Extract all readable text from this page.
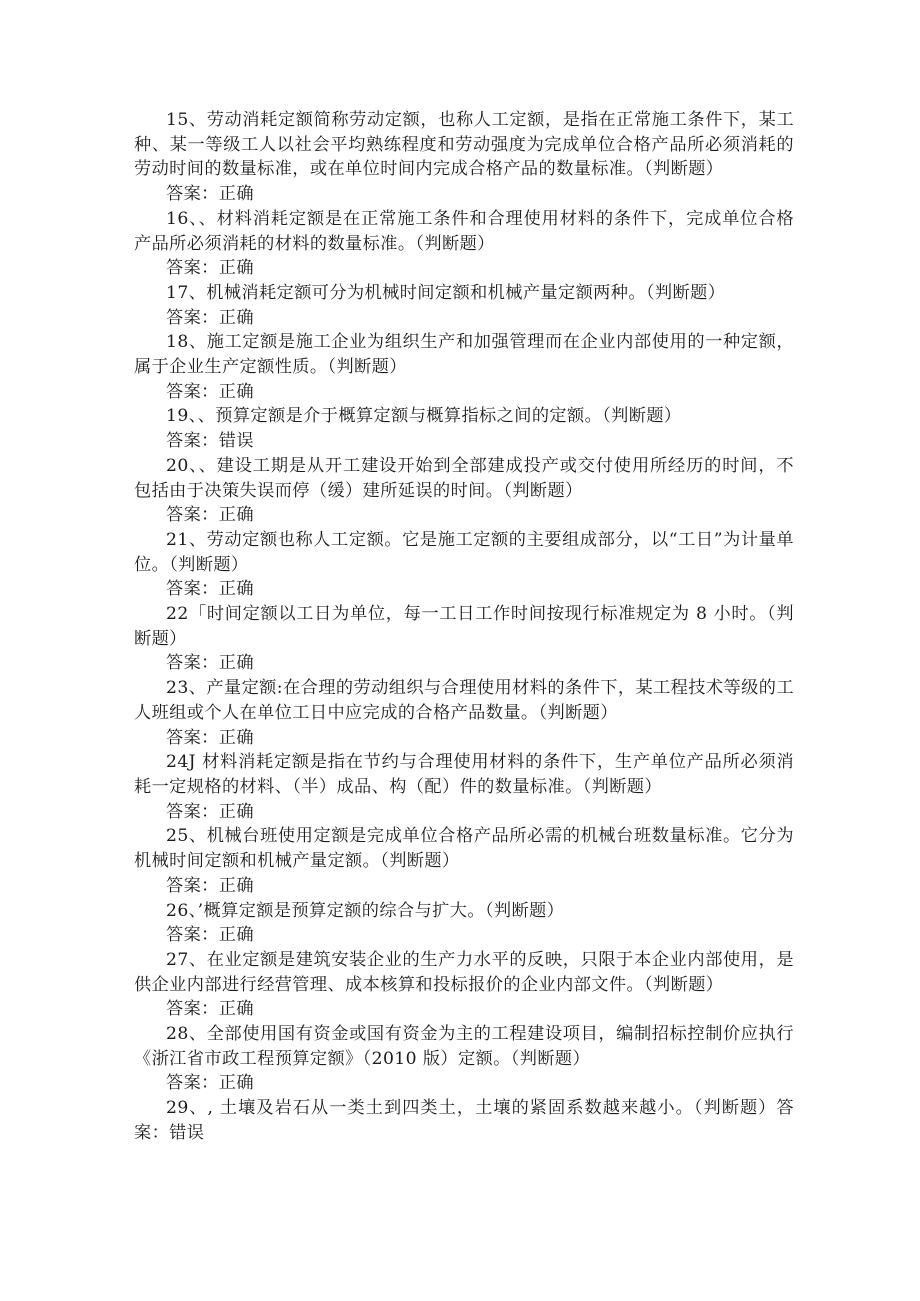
15、劳动消耗定额简称劳动定额，也称人工定额，是指在正常施工条件下，某工种、某一等级工人以社会平均熟练程度和劳动强度为完成单位合格产品所必须消耗的劳动时间的数量标准，或在单位时间内完成合格产品的数量标准。（判断题）

答案：正确

16、、材料消耗定额是在正常施工条件和合理使用材料的条件下，完成单位合格产品所必须消耗的材料的数量标准。（判断题）

答案：正确

17、机械消耗定额可分为机械时间定额和机械产量定额两种。（判断题）

答案：正确

18、施工定额是施工企业为组织生产和加强管理而在企业内部使用的一种定额，属于企业生产定额性质。（判断题）

答案：正确

19、、预算定额是介于概算定额与概算指标之间的定额。（判断题）

答案：错误

20、、建设工期是从开工建设开始到全部建成投产或交付使用所经历的时间，不包括由于决策失误而停（缓）建所延误的时间。（判断题）

答案：正确

21、劳动定额也称人工定额。它是施工定额的主要组成部分，以“工日”为计量单位。（判断题）

答案：正确

22「时间定额以工日为单位，每一工日工作时间按现行标准规定为 8 小时。（判断题）

答案：正确

23、产量定额:在合理的劳动组织与合理使用材料的条件下，某工程技术等级的工人班组或个人在单位工日中应完成的合格产品数量。（判断题）

答案：正确

24J 材料消耗定额是指在节约与合理使用材料的条件下，生产单位产品所必须消耗一定规格的材料、（半）成品、构（配）件的数量标准。（判断题）

答案：正确

25、机械台班使用定额是完成单位合格产品所必需的机械台班数量标准。它分为机械时间定额和机械产量定额。（判断题）

答案：正确

26、’概算定额是预算定额的综合与扩大。（判断题）

答案：正确

27、在业定额是建筑安装企业的生产力水平的反映，只限于本企业内部使用，是供企业内部进行经营管理、成本核算和投标报价的企业内部文件。（判断题）

答案：正确

28、全部使用国有资金或国有资金为主的工程建设项目，编制招标控制价应执行《浙江省市政工程预算定额》（2010 版）定额。（判断题）

答案：正确

29、, 土壤及岩石从一类土到四类土，土壤的紧固系数越来越小。（判断题）答案：错误
